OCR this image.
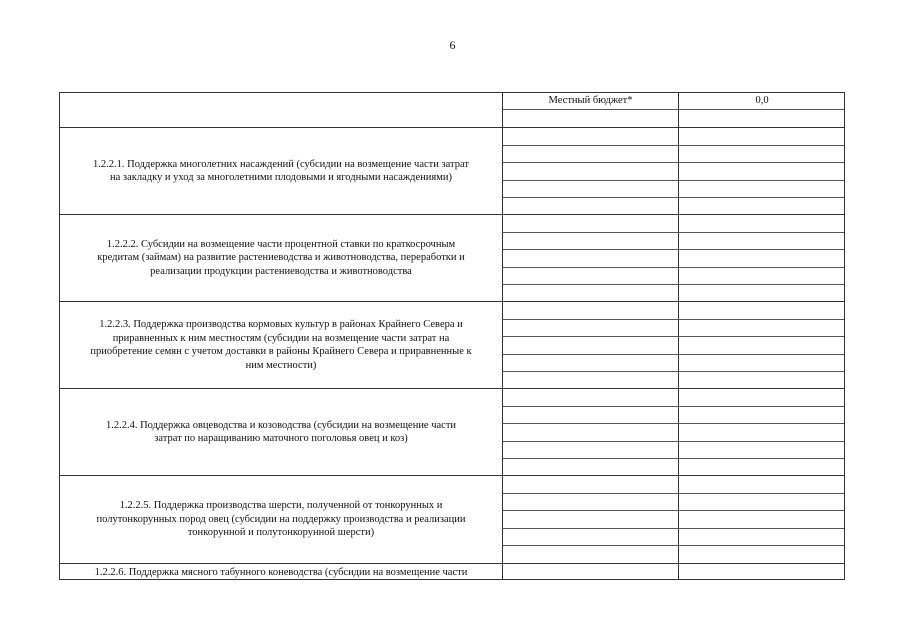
6
Местный бюджет*	0,0
1.2.2.1. Поддержка многолетних насаждений (субсидии на возмещение части затрат
на закладку и уход за многолетними плодовыми и ягодными насаждениями)
1.2.2.2. Субсидии на возмещение части процентной ставки по краткосрочным
кредитам (займам) на развитие растениеводства и животноводства, переработки и
реализации продукции растениеводства и животноводства
1.2.2.3. Поддержка производства кормовых культур в районах Крайнего Севера и
приравненных к ним местностям (субсидии на возмещение части затрат на
приобретение семян с учетом доставки в районы Крайнего Севера и приравненные к
ним местности)
1.2.2.4. Поддержка овцеводства и козоводства (субсидии на возмещение части
затрат по наращиванию маточного поголовья овец и коз)
1.2.2.5. Поддержка производства шерсти, полученной от тонкорунных и
полутонкорунных пород овец (субсидии на поддержку производства и реализации
тонкорунной и полутонкорунной шерсти)
1.2.2.6. Поддержка мясного табунного коневодства (субсидии на возмещение части
